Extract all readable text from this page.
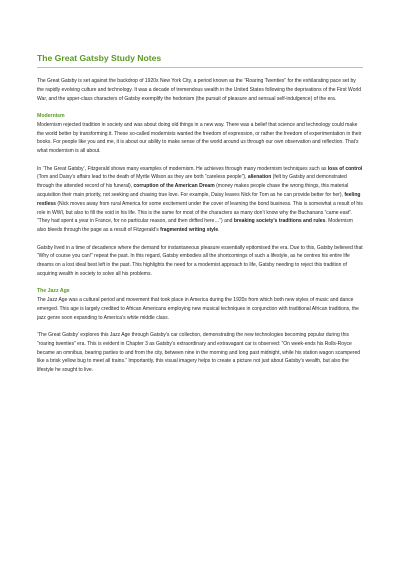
The Great Gatsby Study Notes

The Great Gatsby is set against the backdrop of 1920s New York City, a period known as the “Roaring Twenties” for the exhilarating pace set by the rapidly evolving culture and technology. It was a decade of tremendous wealth in the United States following the deprivations of the First World War, and the upper-class characters of Gatsby exemplify the hedonism (the pursuit of pleasure and sensual self-indulgence) of the era.

Modernism

Modernism rejected tradition in society and was about doing old things in a new way. There was a belief that science and technology could make the world better by transforming it. These so-called modernists wanted the freedom of expression, or rather the freedom of experimentation in their books. For people like you and me, it is about our ability to make sense of the world around us through our own observation and reflection. That’s what modernism is all about.

In ‘The Great Gatsby’, Fitzgerald shows many examples of modernism. He achieves through many modernism techniques such as loss of control (Tom and Daisy’s affairs lead to the death of Myrtle Wilson as they are both “careless people”), alienation (felt by Gatsby and demonstrated through the attended record of his funeral), corruption of the American Dream (money makes people chase the wrong things, this material acquisition their main priority, not seeking and chasing true love. For example, Daisy leaves Nick for Tom as he can provide better for her), feeling restless (Nick moves away from rural America for some excitement under the cover of learning the bond business. This is somewhat a result of his role in WWI, but also to fill the void in his life. This is the same for most of the characters as many don’t know why the Buchanans “came east”. “They had spent a year in France, for no particular reason, and then drifted here…”) and breaking society’s traditions and rules. Modernism also bleeds through the page as a result of Fitzgerald’s fragmented writing style.

Gatsby lived in a time of decadence where the demand for instantaneous pleasure essentially epitomised the era. Due to this, Gatsby believed that “Why of course you can!” repeat the past. In this regard, Gatsby embodies all the shortcomings of such a lifestyle, as he centres his entire life dreams on a lost ideal best left in the past. This highlights the need for a modernist approach to life, Gatsby needing to reject this tradition of acquiring wealth in society to solve all his problems.

The Jazz Age

The Jazz Age was a cultural period and movement that took place in America during the 1920s from which both new styles of music and dance emerged. This age is largely credited to African Americans employing new musical techniques in conjunction with traditional African traditions, the jazz genre soon expanding to America’s white middle class.

‘The Great Gatsby’ explores this Jazz Age through Gatsby’s car collection, demonstrating the new technologies becoming popular during this “roaring twenties” era. This is evident in Chapter 3 as Gatsby’s extraordinary and extravagant car is observed: “On week-ends his Rolls-Royce became an omnibus, bearing parties to and from the city, between nine in the morning and long past midnight, while his station wagon scampered like a brisk yellow bug to meet all trains.” Importantly, this visual imagery helps to create a picture not just about Gatsby’s wealth, but also the lifestyle he sought to live.
